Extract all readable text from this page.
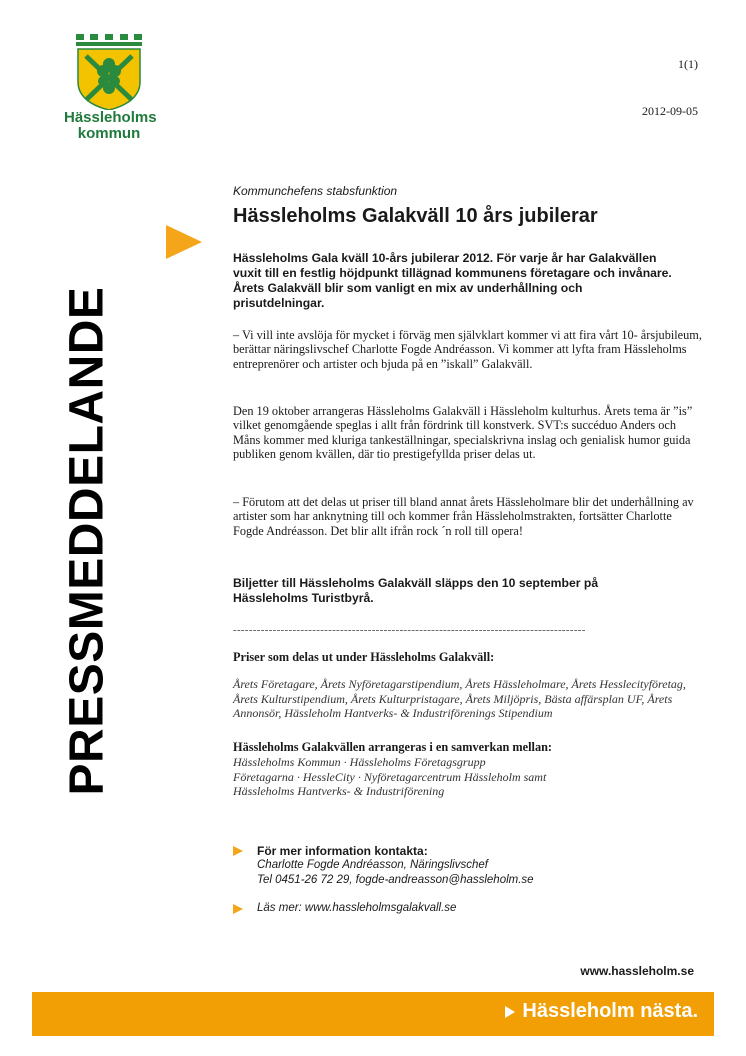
Hässleholms
kommun
1(1)
2012-09-05
PRESSMEDDELANDE
Kommunchefens stabsfunktion
Hässleholms Galakväll 10 års jubilerar
Hässleholms Gala kväll 10-års jubilerar 2012. För varje år har Galakvällen vuxit till en festlig höjdpunkt tillägnad kommunens företagare och invånare. Årets Galakväll blir som vanligt en mix av underhållning och prisutdelningar.
– Vi vill inte avslöja för mycket i förväg men självklart kommer vi att fira vårt 10- årsjubileum, berättar näringslivschef Charlotte Fogde Andréasson. Vi kommer att lyfta fram Hässleholms entreprenörer och artister och bjuda på en ”iskall” Galakväll.
Den 19 oktober arrangeras Hässleholms Galakväll i Hässleholm kulturhus. Årets tema är ”is” vilket genomgående speglas i allt från fördrink till konstverk. SVT:s succéduo Anders och Måns kommer med kluriga tankeställningar, specialskrivna inslag och genialisk humor guida publiken genom kvällen, där tio prestigefyllda priser delas ut.
– Förutom att det delas ut priser till bland annat årets Hässleholmare blir det underhållning av artister som har anknytning till och kommer från Hässleholmstrakten, fortsätter Charlotte Fogde Andréasson. Det blir allt ifrån rock ´n roll till opera!
Biljetter till Hässleholms Galakväll släpps den 10 september på Hässleholms Turistbyrå.
-----------------------------------------------------------------------------------------
Priser som delas ut under Hässleholms Galakväll:
Årets Företagare, Årets Nyföretagarstipendium, Årets Hässleholmare, Årets Hesslecityföretag, Årets Kulturstipendium, Årets Kulturpristagare, Årets Miljöpris, Bästa affärsplan UF, Årets Annonsör, Hässleholm Hantverks- & Industriförenings Stipendium
Hässleholms Galakvällen arrangeras i en samverkan mellan:
Hässleholms Kommun · Hässleholms Företagsgrupp
Företagarna · HessleCity · Nyföretagarcentrum Hässleholm samt
Hässleholms Hantverks- & Industriförening
För mer information kontakta:
Charlotte Fogde Andréasson, Näringslivschef
Tel 0451-26 72 29, fogde-andreasson@hassleholm.se
Läs mer: www.hassleholmsgalakvall.se
www.hassleholm.se
Hässleholm nästa.
